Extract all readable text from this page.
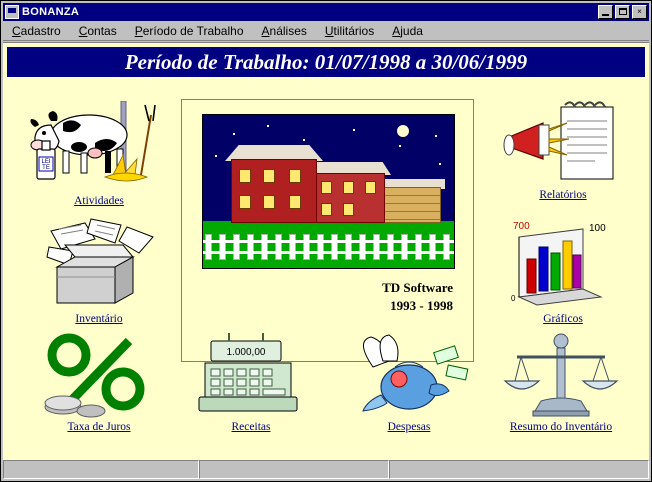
BONANZA	×
Cadastro	Contas	Período de Trabalho	Análises	Utilitários	Ajuda
Período de Trabalho: 01/07/1998 a 30/06/1999
TD Software
1993 - 1998
LEI
TE
Atividades
Inventário
Taxa de Juros
1.000,00
Receitas	Despesas
Relatórios
700	100
0
Gráficos
Resumo do Inventário
